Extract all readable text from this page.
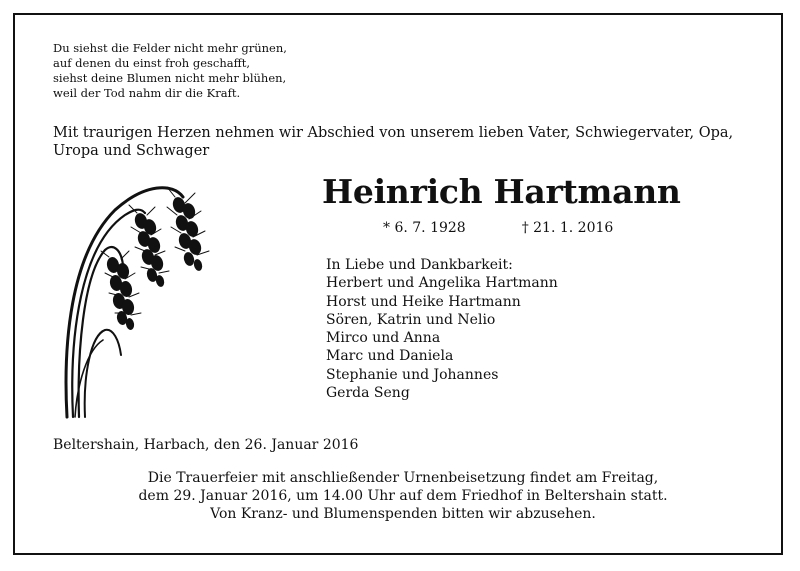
Du siehst die Felder nicht mehr grünen,
auf denen du einst froh geschafft,
siehst deine Blumen nicht mehr blühen,
weil der Tod nahm dir die Kraft.
Mit traurigen Herzen nehmen wir Abschied von unserem lieben Vater, Schwiegervater, Opa, Uropa und Schwager
Heinrich Hartmann
* 6. 7. 1928	† 21. 1. 2016
In Liebe und Dankbarkeit:
Herbert und Angelika Hartmann
Horst und Heike Hartmann
Sören, Katrin und Nelio
Mirco und Anna
Marc und Daniela
Stephanie und Johannes
Gerda Seng
Beltershain, Harbach, den 26. Januar 2016
Die Trauerfeier mit anschließender Urnenbeisetzung findet am Freitag,
dem 29. Januar 2016, um 14.00 Uhr auf dem Friedhof in Beltershain statt.
Von Kranz- und Blumenspenden bitten wir abzusehen.
